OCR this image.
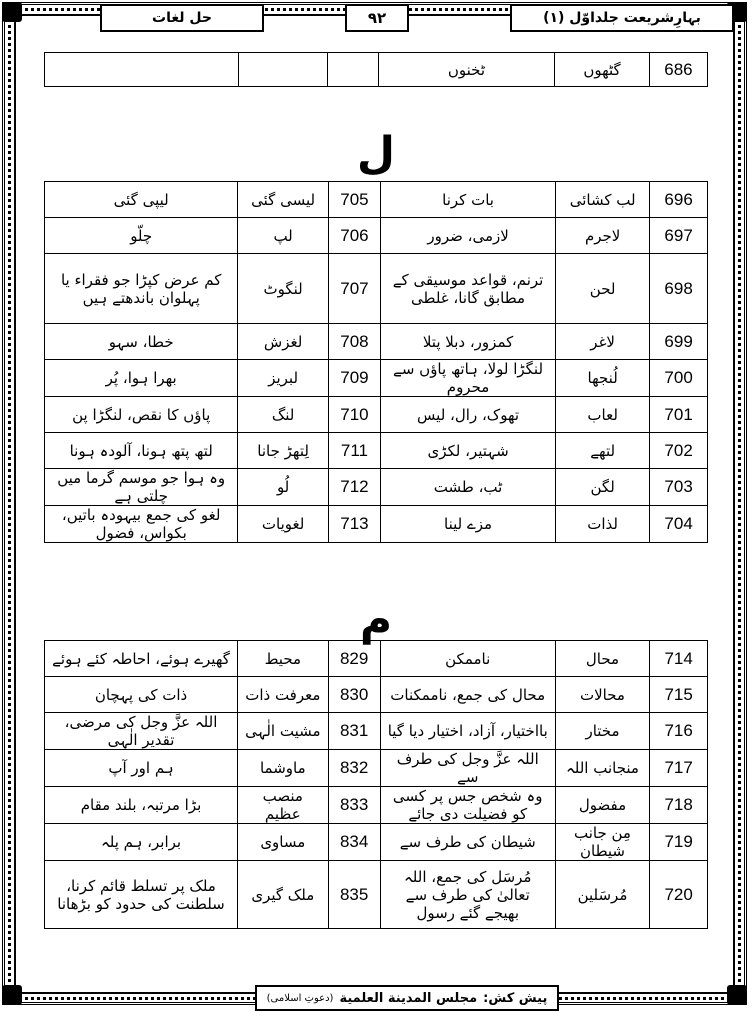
بہارِشریعت جلداوّل (۱)
۹۲
حل لغات
686	گٹھوں	ٹخنوں			
ل
696	لب کشائی	بات کرنا	705	لیسی گئی	لیپی گئی
697	لاجرم	لازمی، ضرور	706	لپ	چلّو
698	لحن	ترنم، قواعد موسیقی کے مطابق گانا، غلطی	707	لنگوٹ	کم عرض کپڑا جو فقراء یا پہلوان باندھتے ہیں
699	لاغر	کمزور، دبلا پتلا	708	لغزش	خطا، سہو
700	لُنجھا	لنگڑا لولا، ہاتھ پاؤں سے محروم	709	لبریز	بھرا ہوا، پُر
701	لعاب	تھوک، رال، لیس	710	لنگ	پاؤں کا نقص، لنگڑا پن
702	لتھے	شہتیر، لکڑی	711	لِتھڑ جانا	لتھ پتھ ہونا، آلودہ ہونا
703	لگن	ٹب، طشت	712	لُو	وہ ہوا جو موسم گرما میں چلتی ہے
704	لذات	مزے لینا	713	لغویات	لغو کی جمع بیہودہ باتیں، بکواس، فضول
م
714	محال	ناممکن	829	محیط	گھیرے ہوئے، احاطہ کئے ہوئے
715	محالات	محال کی جمع، ناممکنات	830	معرفت ذات	ذات کی پہچان
716	مختار	بااختیار، آزاد، اختیار دیا گیا	831	مشیت الٰہی	اللہ عزَّ وجل کی مرضی، تقدیر الٰہی
717	منجانب اللہ	اللہ عزَّ وجل کی طرف سے	832	ماوشما	ہم اور آپ
718	مفضول	وہ شخص جس پر کسی کو فضیلت دی جائے	833	منصب عظیم	بڑا مرتبہ، بلند مقام
719	مِن جانب شیطان	شیطان کی طرف سے	834	مساوی	برابر، ہم پلہ
720	مُرسَلین	مُرسَل کی جمع، اللہ تعالیٰ کی طرف سے بھیجے گئے رسول	835	ملک گیری	ملک پر تسلط قائم کرنا، سلطنت کی حدود کو بڑھانا
پیش کش:
مجلس المدینة العلمیة
(دعوتِ اسلامی)
